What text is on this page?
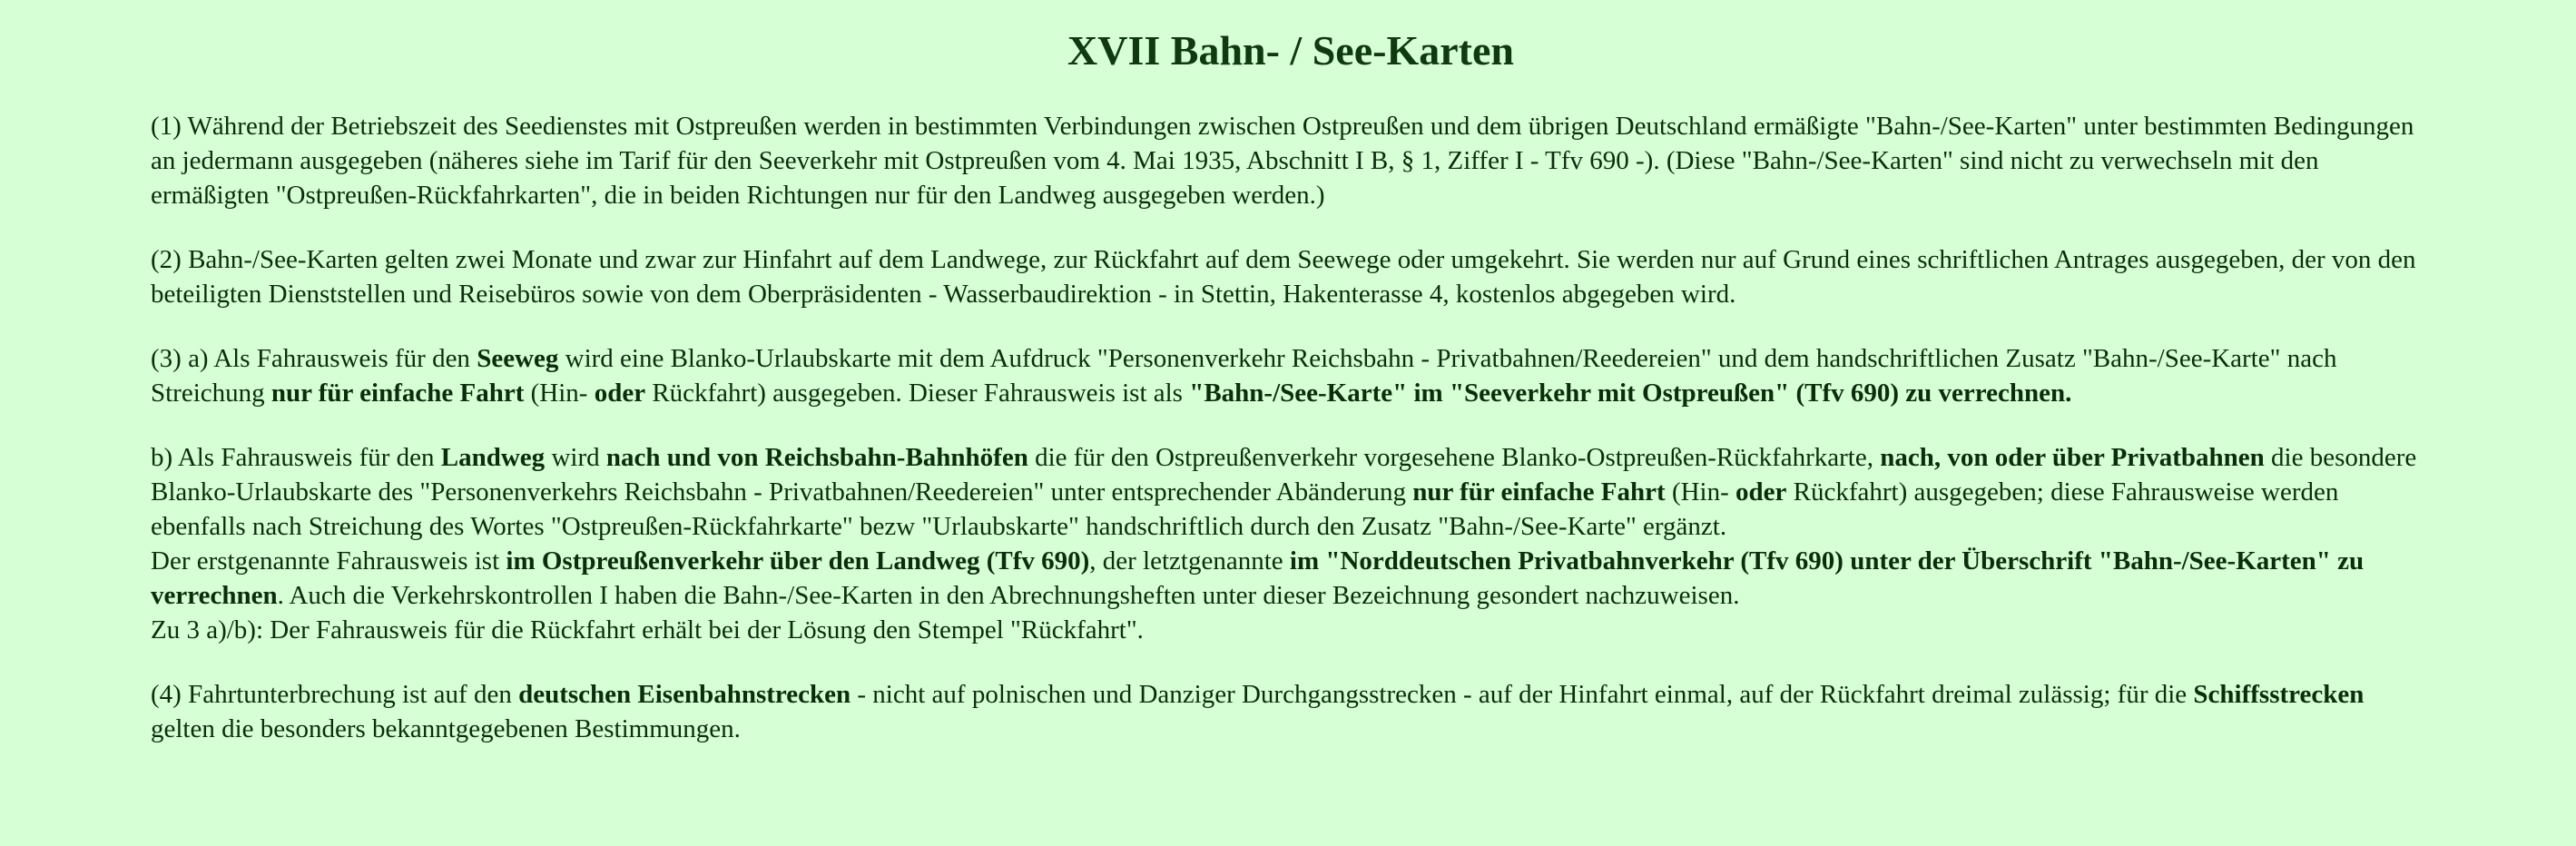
XVII Bahn- / See-Karten

(1) Während der Betriebszeit des Seedienstes mit Ostpreußen werden in bestimmten Verbindungen zwischen Ostpreußen und dem übrigen Deutschland ermäßigte "Bahn-/See-Karten" unter bestimmten Bedingungen an jedermann ausgegeben (näheres siehe im Tarif für den Seeverkehr mit Ostpreußen vom 4. Mai 1935, Abschnitt I B, § 1, Ziffer I - Tfv 690 -). (Diese "Bahn-/See-Karten" sind nicht zu verwechseln mit den ermäßigten "Ostpreußen-Rückfahrkarten", die in beiden Richtungen nur für den Landweg ausgegeben werden.)

(2) Bahn-/See-Karten gelten zwei Monate und zwar zur Hinfahrt auf dem Landwege, zur Rückfahrt auf dem Seewege oder umgekehrt. Sie werden nur auf Grund eines schriftlichen Antrages ausgegeben, der von den beteiligten Dienststellen und Reisebüros sowie von dem Oberpräsidenten - Wasserbaudirektion - in Stettin, Hakenterasse 4, kostenlos abgegeben wird.

(3) a) Als Fahrausweis für den Seeweg wird eine Blanko-Urlaubskarte mit dem Aufdruck "Personenverkehr Reichsbahn - Privatbahnen/Reedereien" und dem handschriftlichen Zusatz "Bahn-/See-Karte" nach Streichung nur für einfache Fahrt (Hin- oder Rückfahrt) ausgegeben. Dieser Fahrausweis ist als "Bahn-/See-Karte" im "Seeverkehr mit Ostpreußen" (Tfv 690) zu verrechnen.

b) Als Fahrausweis für den Landweg wird nach und von Reichsbahn-Bahnhöfen die für den Ostpreußenverkehr vorgesehene Blanko-Ostpreußen-Rückfahrkarte, nach, von oder über Privatbahnen die besondere Blanko-Urlaubskarte des "Personenverkehrs Reichsbahn - Privatbahnen/Reedereien" unter entsprechender Abänderung nur für einfache Fahrt (Hin- oder Rückfahrt) ausgegeben; diese Fahrausweise werden ebenfalls nach Streichung des Wortes "Ostpreußen-Rückfahrkarte" bezw "Urlaubskarte" handschriftlich durch den Zusatz "Bahn-/See-Karte" ergänzt.
Der erstgenannte Fahrausweis ist im Ostpreußenverkehr über den Landweg (Tfv 690), der letztgenannte im "Norddeutschen Privatbahnverkehr (Tfv 690) unter der Überschrift "Bahn-/See-Karten" zu verrechnen. Auch die Verkehrskontrollen I haben die Bahn-/See-Karten in den Abrechnungsheften unter dieser Bezeichnung gesondert nachzuweisen.
Zu 3 a)/b): Der Fahrausweis für die Rückfahrt erhält bei der Lösung den Stempel "Rückfahrt".

(4) Fahrtunterbrechung ist auf den deutschen Eisenbahnstrecken - nicht auf polnischen und Danziger Durchgangsstrecken - auf der Hinfahrt einmal, auf der Rückfahrt dreimal zulässig; für die Schiffsstrecken gelten die besonders bekanntgegebenen Bestimmungen.
